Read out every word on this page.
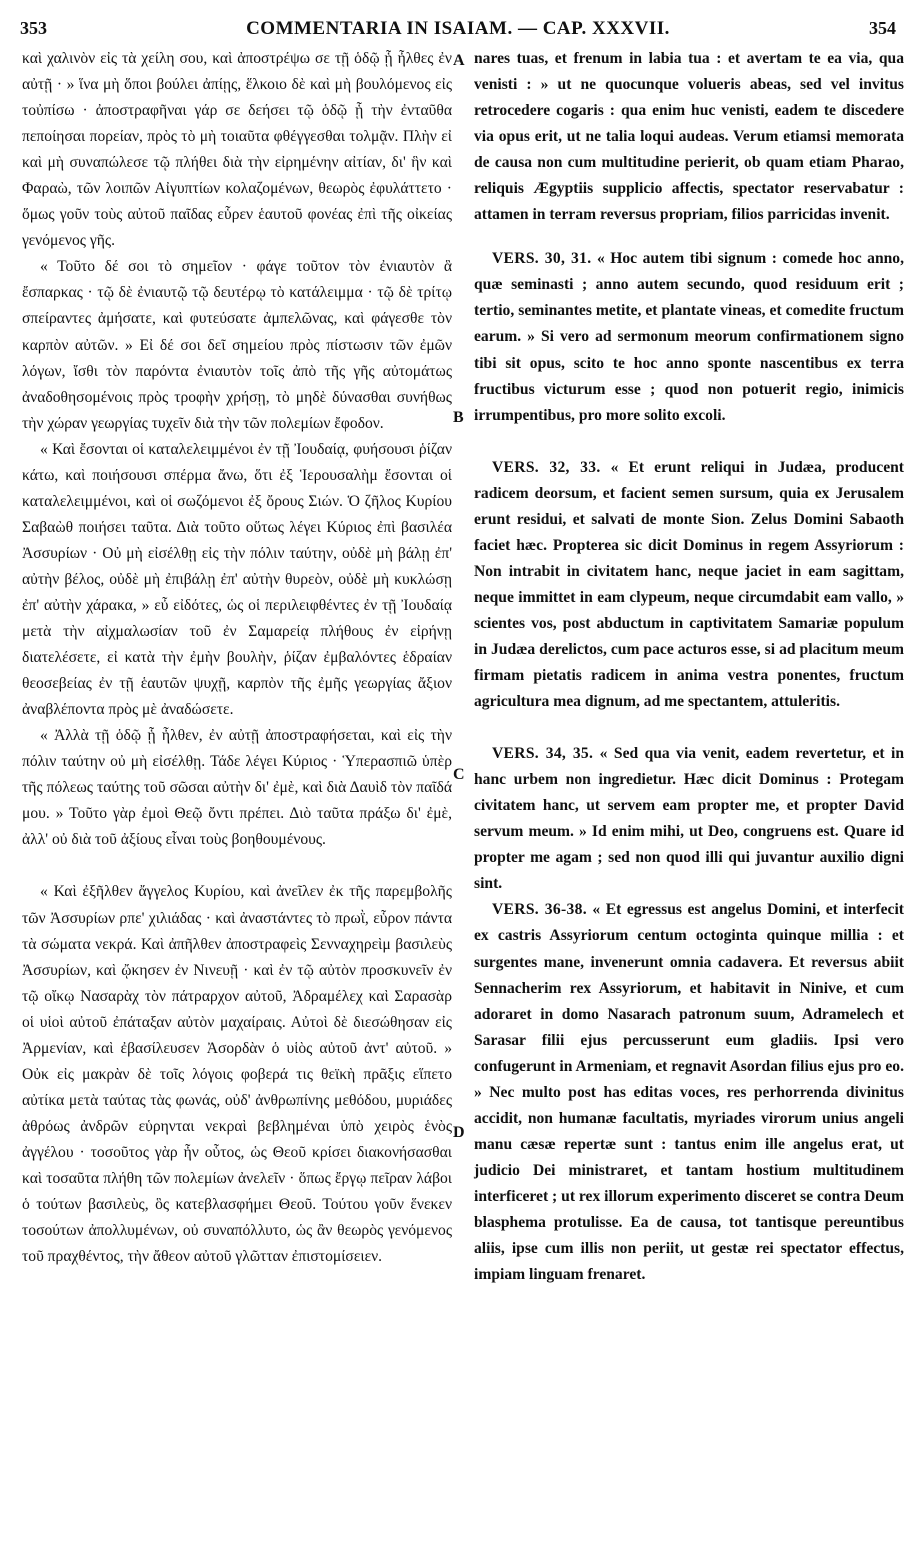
353	COMMENTARIA IN ISAIAM. — CAP. XXXVII.	354

καὶ χαλινὸν εἰς τὰ χείλη σου, καὶ ἀποστρέψω σε τῇ ὁδῷ ᾗ ἦλθες ἐν αὐτῇ · » ἵνα μὴ ὅποι βούλει ἀπίῃς, ἕλκοιο δὲ καὶ μὴ βουλόμενος εἰς τοὐπίσω · ἀποστραφῆναι γάρ σε δεήσει τῷ ὁδῷ ᾗ τὴν ἐνταῦθα πεποίησαι πορείαν, πρὸς τὸ μὴ τοιαῦτα φθέγγεσθαι τολμᾷν. Πλὴν εἰ καὶ μὴ συναπώλεσε τῷ πλήθει διὰ τὴν εἰρημένην αἰτίαν, δι' ἣν καὶ Φαραὼ, τῶν λοιπῶν Αἰγυπτίων κολαζομένων, θεωρὸς ἐφυλάττετο · ὅμως γοῦν τοὺς αὐτοῦ παῖδας εὗρεν ἑαυτοῦ φονέας ἐπὶ τῆς οἰκείας γενόμενος γῆς.

« Τοῦτο δέ σοι τὸ σημεῖον · φάγε τοῦτον τὸν ἐνιαυτὸν ἃ ἔσπαρκας · τῷ δὲ ἐνιαυτῷ τῷ δευτέρῳ τὸ κατάλειμμα · τῷ δὲ τρίτῳ σπείραντες ἀμήσατε, καὶ φυτεύσατε ἀμπελῶνας, καὶ φάγεσθε τὸν καρπὸν αὐτῶν. » Εἰ δέ σοι δεῖ σημείου πρὸς πίστωσιν τῶν ἐμῶν λόγων, ἴσθι τὸν παρόντα ἐνιαυτὸν τοῖς ἀπὸ τῆς γῆς αὐτομάτως ἀναδοθησομένοις πρὸς τροφὴν χρήσῃ, τὸ μηδὲ δύνασθαι συνήθως τὴν χώραν γεωργίας τυχεῖν διὰ τὴν τῶν πολεμίων ἔφοδον.

« Καὶ ἔσονται οἱ καταλελειμμένοι ἐν τῇ Ἰουδαίᾳ, φυήσουσι ῥίζαν κάτω, καὶ ποιήσουσι σπέρμα ἄνω, ὅτι ἐξ Ἱερουσαλὴμ ἔσονται οἱ καταλελειμμένοι, καὶ οἱ σωζόμενοι ἐξ ὄρους Σιών. Ὁ ζῆλος Κυρίου Σαβαὼθ ποιήσει ταῦτα. Διὰ τοῦτο οὕτως λέγει Κύριος ἐπὶ βασιλέα Ἀσσυρίων · Οὐ μὴ εἰσέλθῃ εἰς τὴν πόλιν ταύτην, οὐδὲ μὴ βάλῃ ἐπ' αὐτὴν βέλος, οὐδὲ μὴ ἐπιβάλῃ ἐπ' αὐτὴν θυρεὸν, οὐδὲ μὴ κυκλώσῃ ἐπ' αὐτὴν χάρακα, » εὖ εἰδότες, ὡς οἱ περιλειφθέντες ἐν τῇ Ἰουδαίᾳ μετὰ τὴν αἰχμαλωσίαν τοῦ ἐν Σαμαρείᾳ πλήθους ἐν εἰρήνῃ διατελέσετε, εἰ κατὰ τὴν ἐμὴν βουλὴν, ῥίζαν ἐμβαλόντες ἑδραίαν θεοσεβείας ἐν τῇ ἑαυτῶν ψυχῇ, καρπὸν τῆς ἐμῆς γεωργίας ἄξιον ἀναβλέποντα πρὸς μὲ ἀναδώσετε.

« Ἀλλὰ τῇ ὁδῷ ᾗ ἦλθεν, ἐν αὐτῇ ἀποστραφήσεται, καὶ εἰς τὴν πόλιν ταύτην οὐ μὴ εἰσέλθῃ. Τάδε λέγει Κύριος · Ὑπερασπιῶ ὑπὲρ τῆς πόλεως ταύτης τοῦ σῶσαι αὐτὴν δι' ἐμὲ, καὶ διὰ Δαυὶδ τὸν παῖδά μου. » Τοῦτο γὰρ ἐμοὶ Θεῷ ὄντι πρέπει. Διὸ ταῦτα πράξω δι' ἐμὲ, ἀλλ' οὐ διὰ τοῦ ἀξίους εἶναι τοὺς βοηθουμένους.

« Καὶ ἐξῆλθεν ἄγγελος Κυρίου, καὶ ἀνεῖλεν ἐκ τῆς παρεμβολῆς τῶν Ἀσσυρίων ρπε' χιλιάδας · καὶ ἀναστάντες τὸ πρωῒ, εὗρον πάντα τὰ σώματα νεκρά. Καὶ ἀπῆλθεν ἀποστραφεὶς Σενναχηρεὶμ βασιλεὺς Ἀσσυρίων, καὶ ᾤκησεν ἐν Νινευῇ · καὶ ἐν τῷ αὐτὸν προσκυνεῖν ἐν τῷ οἴκῳ Νασαρὰχ τὸν πάτραρχον αὐτοῦ, Ἀδραμέλεχ καὶ Σαρασὰρ οἱ υἱοὶ αὐτοῦ ἐπάταξαν αὐτὸν μαχαίραις. Αὐτοὶ δὲ διεσώθησαν εἰς Ἀρμενίαν, καὶ ἐβασίλευσεν Ἀσορδὰν ὁ υἱὸς αὐτοῦ ἀντ' αὐτοῦ. » Οὐκ εἰς μακρὰν δὲ τοῖς λόγοις φοβερά τις θεϊκὴ πρᾶξις εἵπετο αὐτίκα μετὰ ταύτας τὰς φωνάς, οὐδ' ἀνθρωπίνης μεθόδου, μυριάδες ἀθρόως ἀνδρῶν εὑρηνται νεκραὶ βεβλημέναι ὑπὸ χειρὸς ἑνὸς ἀγγέλου · τοσοῦτος γὰρ ἦν οὗτος, ὡς Θεοῦ κρίσει διακονήσασθαι καὶ τοσαῦτα πλήθη τῶν πολεμίων ἀνελεῖν · ὅπως ἔργῳ πεῖραν λάβοι ὁ τούτων βασιλεὺς, ὃς κατεβλασφήμει Θεοῦ. Τούτου γοῦν ἕνεκεν τοσούτων ἀπολλυμένων, οὐ συναπόλλυτο, ὡς ἂν θεωρὸς γενόμενος τοῦ πραχθέντος, τὴν ἄθεον αὐτοῦ γλῶτταν ἐπιστομίσειεν.

nares tuas, et frenum in labia tua : et avertam te ea via, qua venisti : » ut ne quocunque volueris abeas, sed vel invitus retrocedere cogaris : qua enim huc venisti, eadem te discedere via opus erit, ut ne talia loqui audeas. Verum etiamsi memorata de causa non cum multitudine perierit, ob quam etiam Pharao, reliquis Ægyptiis supplicio affectis, spectator reservabatur : attamen in terram reversus propriam, filios parricidas invenit.

VERS. 30, 31. « Hoc autem tibi signum : comede hoc anno, quæ seminasti ; anno autem secundo, quod residuum erit ; tertio, seminantes metite, et plantate vineas, et comedite fructum earum. » Si vero ad sermonum meorum confirmationem signo tibi sit opus, scito te hoc anno sponte nascentibus ex terra fructibus victurum esse ; quod non potuerit regio, inimicis irrumpentibus, pro more solito excoli.

VERS. 32, 33. « Et erunt reliqui in Judæa, producent radicem deorsum, et facient semen sursum, quia ex Jerusalem erunt residui, et salvati de monte Sion. Zelus Domini Sabaoth faciet hæc. Propterea sic dicit Dominus in regem Assyriorum : Non intrabit in civitatem hanc, neque jaciet in eam sagittam, neque immittet in eam clypeum, neque circumdabit eam vallo, » scientes vos, post abductum in captivitatem Samariæ populum in Judæa derelictos, cum pace acturos esse, si ad placitum meum firmam pietatis radicem in anima vestra ponentes, fructum agricultura mea dignum, ad me spectantem, attuleritis.

VERS. 34, 35. « Sed qua via venit, eadem revertetur, et in hanc urbem non ingredietur. Hæc dicit Dominus : Protegam civitatem hanc, ut servem eam propter me, et propter David servum meum. » Id enim mihi, ut Deo, congruens est. Quare id propter me agam ; sed non quod illi qui juvantur auxilio digni sint.

VERS. 36-38. « Et egressus est angelus Domini, et interfecit ex castris Assyriorum centum octoginta quinque millia : et surgentes mane, invenerunt omnia cadavera. Et reversus abiit Sennacherim rex Assyriorum, et habitavit in Ninive, et cum adoraret in domo Nasarach patronum suum, Adramelech et Sarasar filii ejus percusserunt eum gladiis. Ipsi vero confugerunt in Armeniam, et regnavit Asordan filius ejus pro eo. » Nec multo post has editas voces, res perhorrenda divinitus accidit, non humanæ facultatis, myriades virorum unius angeli manu cæsæ repertæ sunt : tantus enim ille angelus erat, ut judicio Dei ministraret, et tantam hostium multitudinem interficeret ; ut rex illorum experimento disceret se contra Deum blasphema protulisse. Ea de causa, tot tantisque pereuntibus aliis, ipse cum illis non periit, ut gestæ rei spectator effectus, impiam linguam frenaret.

A
B
C
D
